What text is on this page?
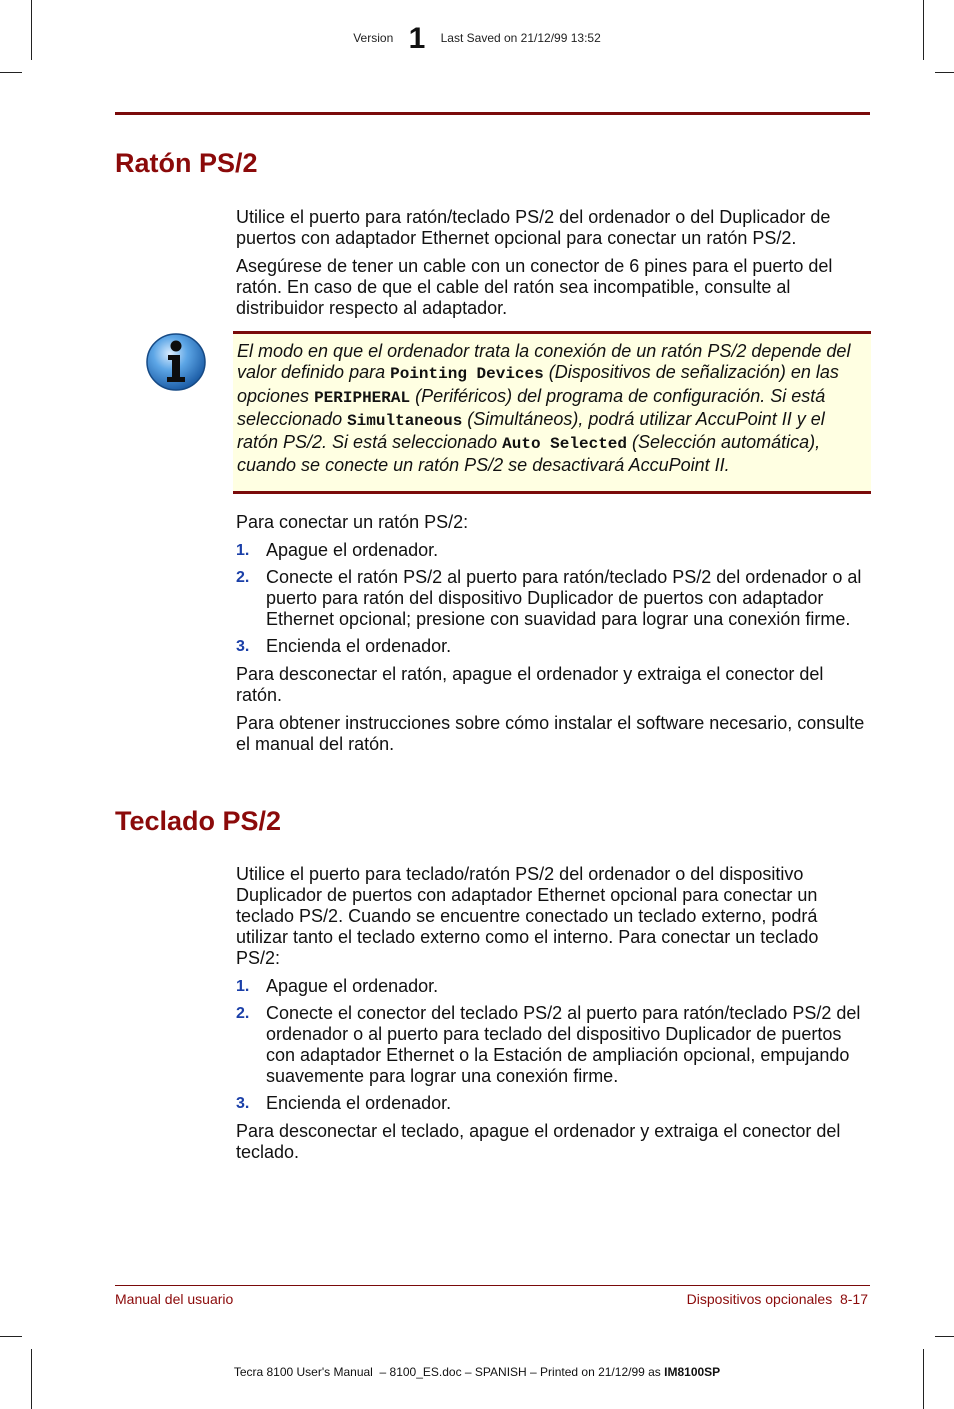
Version 1 Last Saved on 21/12/99 13:52
Ratón PS/2

Utilice el puerto para ratón/teclado PS/2 del ordenador o del Duplicador de puertos con adaptador Ethernet opcional para conectar un ratón PS/2.

Asegúrese de tener un cable con un conector de 6 pines para el puerto del ratón. En caso de que el cable del ratón sea incompatible, consulte al distribuidor respecto al adaptador.

El modo en que el ordenador trata la conexión de un ratón PS/2 depende del valor definido para Pointing Devices (Dispositivos de señalización) en las opciones PERIPHERAL (Periféricos) del programa de configuración. Si está seleccionado Simultaneous (Simultáneos), podrá utilizar AccuPoint II y el ratón PS/2. Si está seleccionado Auto Selected (Selección automática), cuando se conecte un ratón PS/2 se desactivará AccuPoint II.

Para conectar un ratón PS/2:

1. Apague el ordenador.
2. Conecte el ratón PS/2 al puerto para ratón/teclado PS/2 del ordenador o al puerto para ratón del dispositivo Duplicador de puertos con adaptador Ethernet opcional; presione con suavidad para lograr una conexión firme.
3. Encienda el ordenador.

Para desconectar el ratón, apague el ordenador y extraiga el conector del ratón.

Para obtener instrucciones sobre cómo instalar el software necesario, consulte el manual del ratón.

Teclado PS/2

Utilice el puerto para teclado/ratón PS/2 del ordenador o del dispositivo Duplicador de puertos con adaptador Ethernet opcional para conectar un teclado PS/2. Cuando se encuentre conectado un teclado externo, podrá utilizar tanto el teclado externo como el interno. Para conectar un teclado PS/2:

1. Apague el ordenador.
2. Conecte el conector del teclado PS/2 al puerto para ratón/teclado PS/2 del ordenador o al puerto para teclado del dispositivo Duplicador de puertos con adaptador Ethernet o la Estación de ampliación opcional, empujando suavemente para lograr una conexión firme.
3. Encienda el ordenador.

Para desconectar el teclado, apague el ordenador y extraiga el conector del teclado.

Manual del usuario	Dispositivos opcionales  8-17
Tecra 8100 User's Manual  – 8100_ES.doc – SPANISH – Printed on 21/12/99 as IM8100SP
